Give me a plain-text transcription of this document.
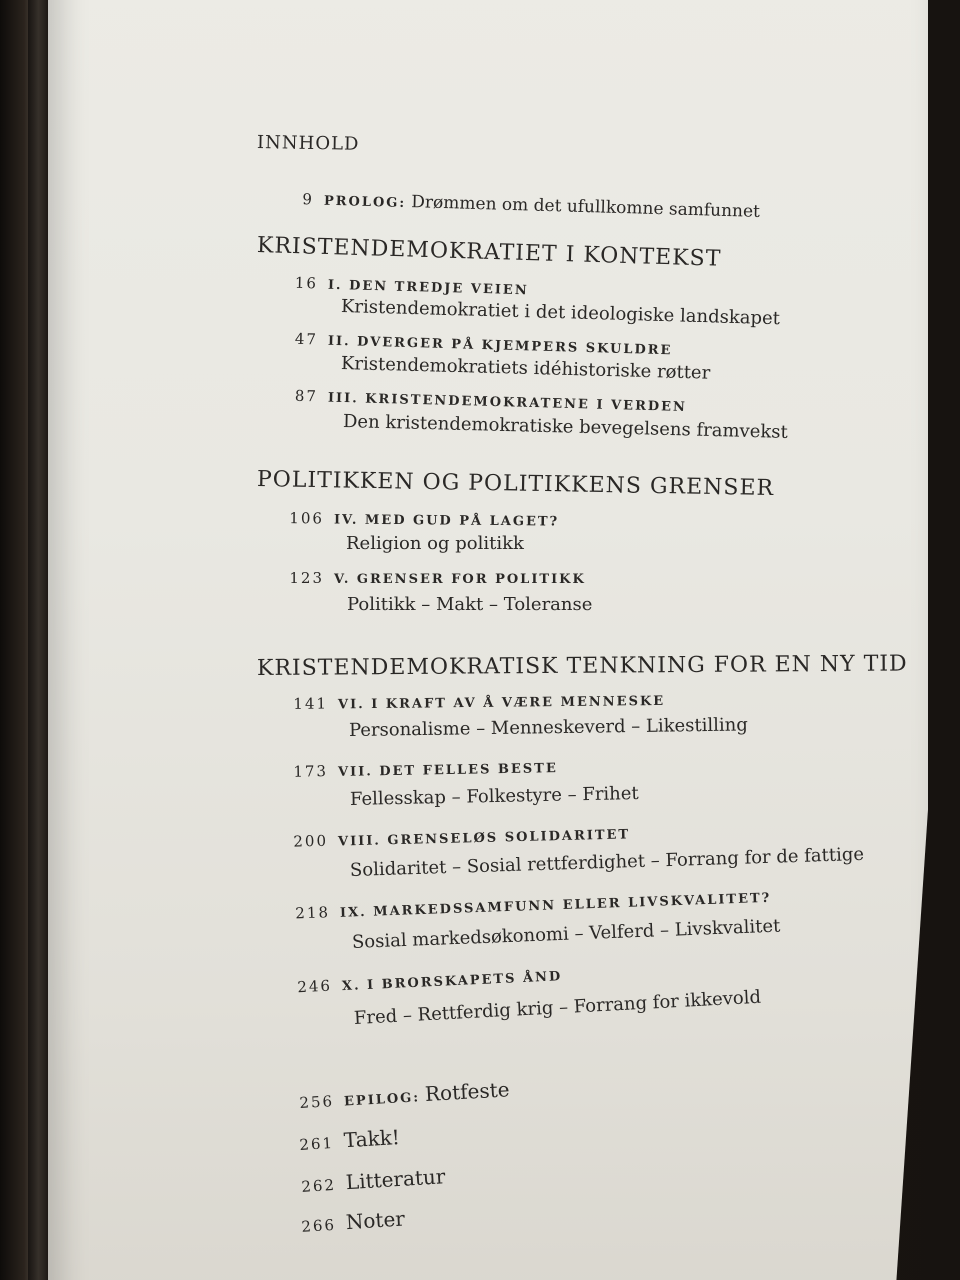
INNHOLD
9 PROLOG: Drømmen om det ufullkomne samfunnet
KRISTENDEMOKRATIET I KONTEKST
16 I. DEN TREDJE VEIEN
Kristendemokratiet i det ideologiske landskapet
47 II. DVERGER PÅ KJEMPERS SKULDRE
Kristendemokratiets idéhistoriske røtter
87 III. KRISTENDEMOKRATENE I VERDEN
Den kristendemokratiske bevegelsens framvekst
POLITIKKEN OG POLITIKKENS GRENSER
106 IV. MED GUD PÅ LAGET?
Religion og politikk
123 V. GRENSER FOR POLITIKK
Politikk – Makt – Toleranse
KRISTENDEMOKRATISK TENKNING FOR EN NY TID
141 VI. I KRAFT AV Å VÆRE MENNESKE
Personalisme – Menneskeverd – Likestilling
173 VII. DET FELLES BESTE
Fellesskap – Folkestyre – Frihet
200 VIII. GRENSELØS SOLIDARITET
Solidaritet – Sosial rettferdighet – Forrang for de fattige
218 IX. MARKEDSSAMFUNN ELLER LIVSKVALITET?
Sosial markedsøkonomi – Velferd – Livskvalitet
246 X. I BRORSKAPETS ÅND
Fred – Rettferdig krig – Forrang for ikkevold
256 EPILOG: Rotfeste
261 Takk!
262 Litteratur
266 Noter
